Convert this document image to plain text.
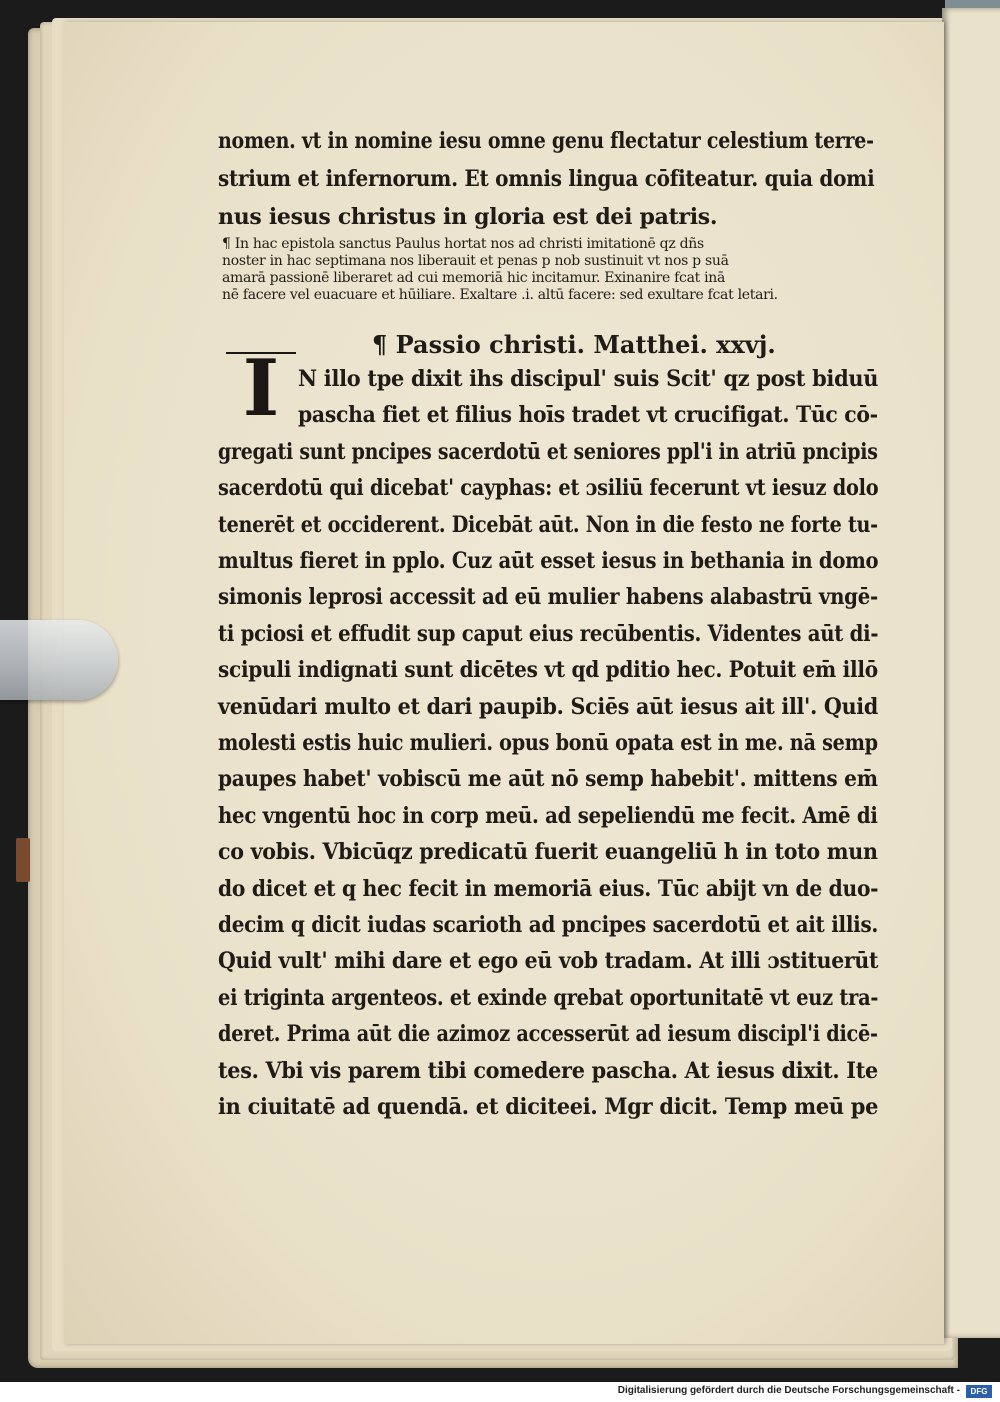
nomen. vt in nomine iesu omne genu flectatur celestium terre-
strium et infernorum. Et omnis lingua cōfiteatur. quia domi
nus iesus christus in gloria est dei patris.
¶ In hac epistola sanctus Paulus hortat nos ad christi imitationē qz dñs
noster in hac septimana nos liberauit et penas p nob sustinuit vt nos p suā
amarā passionē liberaret ad cui memoriā hic incitamur. Exinanire fcat inā
nē facere vel euacuare et hūiliare. Exaltare .i. altū facere: sed exultare fcat letari.
¶ Passio christi. Matthei. xxvj.
I N illo tpe dixit ihs discipul' suis Scit' qz post biduū
pascha fiet et filius hoīs tradet vt crucifigat. Tūc cō-
gregati sunt pncipes sacerdotū et seniores ppl'i in atriū pncipis
sacerdotū qui dicebat' cayphas: et ɔsiliū fecerunt vt iesuz dolo
tenerēt et occiderent. Dicebāt aūt. Non in die festo ne forte tu-
multus fieret in pplo. Cuz aūt esset iesus in bethania in domo
simonis leprosi accessit ad eū mulier habens alabastrū vngē-
ti pciosi et effudit sup caput eius recūbentis. Videntes aūt di-
scipuli indignati sunt dicētes vt qd pditio hec. Potuit em̄ illō
venūdari multo et dari paupib. Sciēs aūt iesus ait ill'. Quid
molesti estis huic mulieri. opus bonū opata est in me. nā semp
paupes habet' vobiscū me aūt nō semp habebit'. mittens em̄
hec vngentū hoc in corp meū. ad sepeliendū me fecit. Amē di
co vobis. Vbicūqz predicatū fuerit euangeliū h in toto mun
do dicet et q hec fecit in memoriā eius. Tūc abijt vn de duo-
decim q dicit iudas scarioth ad pncipes sacerdotū et ait illis.
Quid vult' mihi dare et ego eū vob tradam. At illi ɔstituerūt
ei triginta argenteos. et exinde qrebat oportunitatē vt euz tra-
deret. Prima aūt die azimoz accesserūt ad iesum discipl'i dicē-
tes. Vbi vis parem tibi comedere pascha. At iesus dixit. Ite
in ciuitatē ad quendā. et diciteei. Mgr dicit. Temp meū pe
Digitalisierung gefördert durch die Deutsche Forschungsgemeinschaft -	DFG
